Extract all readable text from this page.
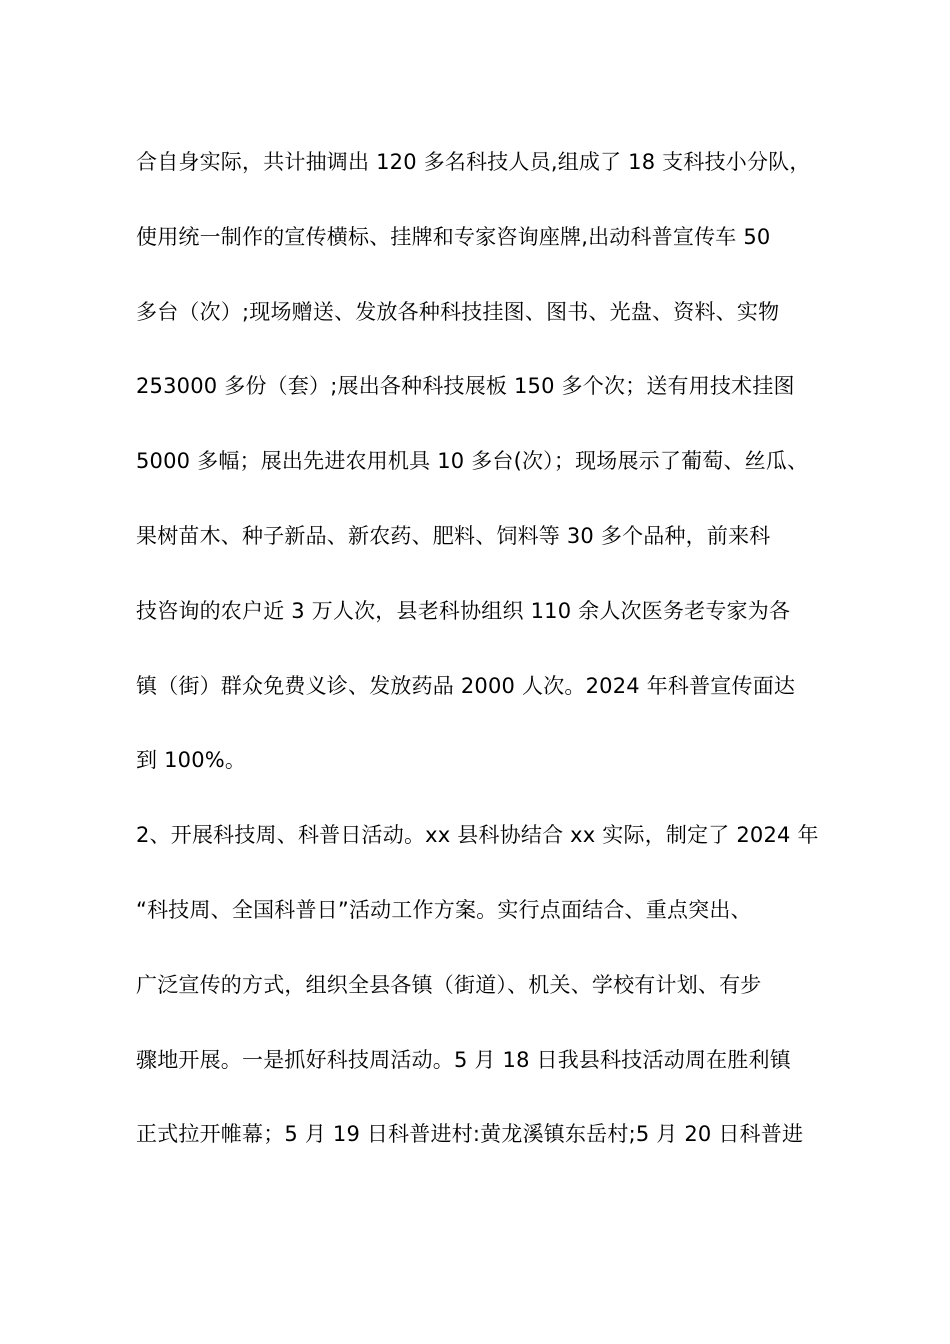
合自身实际，共计抽调出 120 多名科技人员,组成了 18 支科技小分队，
使用统一制作的宣传横标、挂牌和专家咨询座牌,出动科普宣传车 50
多台（次）;现场赠送、发放各种科技挂图、图书、光盘、资料、实物
253000 多份（套）;展出各种科技展板 150 多个次；送有用技术挂图
5000 多幅；展出先进农用机具 10 多台(次）；现场展示了葡萄、丝瓜、
果树苗木、种子新品、新农药、肥料、饲料等 30 多个品种，前来科
技咨询的农户近 3 万人次，县老科协组织 110 余人次医务老专家为各
镇（街）群众免费义诊、发放药品 2000 人次。2024 年科普宣传面达
到 100%。
2、开展科技周、科普日活动。xx 县科协结合 xx 实际，制定了 2024 年
“科技周、全国科普日”活动工作方案。实行点面结合、重点突出、
广泛宣传的方式，组织全县各镇（街道）、机关、学校有计划、有步
骤地开展。一是抓好科技周活动。5 月 18 日我县科技活动周在胜利镇
正式拉开帷幕；5 月 19 日科普进村:黄龙溪镇东岳村;5 月 20 日科普进
